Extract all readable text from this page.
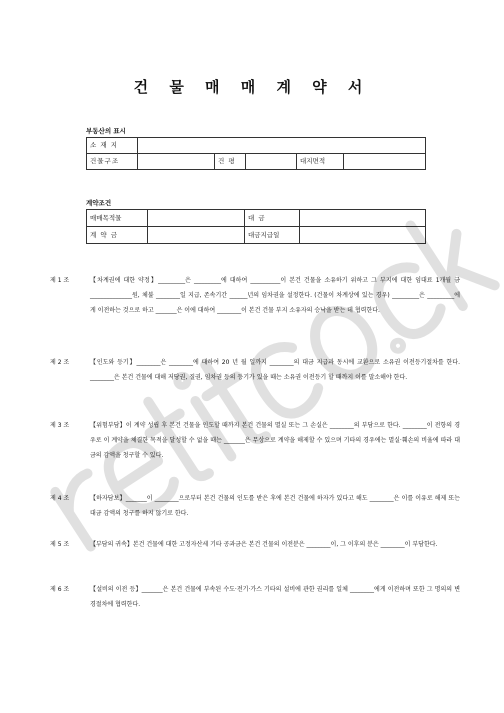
건 물 매 매 계 약 서
부동산의 표시
소 재 지					
건물구조		건 평		대지면적	
계약조건
매매목적물		대 금	
계 약 금		대금지급일	
제 1 조	【차계권에 대한 약정】_________은 _________에 대하여 __________이 본건 건물을 소유하기 위하고 그 부지에 대한 임대료 1개월 금 ______________원, 체불 ________일 지급, 존속기간 ______년의 임차권을 설정한다. (건물이 차계상에 있는 경우) _________은 _________에게 이전하는 것으로 하고 _______은 이에 대하여 ________이 본건 건물 부지 소유자의 승낙을 받는 데 협력한다.
제 2 조	【인도와 등기】________은 ________에 대하여 20 년 월 일까지 ________의 대금 지급과 동시에 교환으로 소유권 이전등기절차를 한다. ________은 본건 건물에 대해 저당권, 질권, 임차권 등의 등기가 있을 때는 소유권 이전등기 할 때까지 이를 말소해야 한다.
제 3 조	【위험부담】이 계약 성립 후 본건 건물을 인도할 때까지 본건 건물의 멸실 또는 그 손실은 ________의 부담으로 한다. ________이 전항의 경우로 이 계약을 체결한 목적을 달성할 수 없을 때는 _______은 무상으로 계약을 해제할 수 있으며 기타의 경우에는 멸실·훼손의 비율에 따라 대금의 감액을 청구할 수 있다.
제 4 조	【하자담보】_______이 ________으로부터 본건 건물의 인도를 받은 후에 본건 건물에 하자가 있다고 해도 ________은 이를 이유로 해제 또는 대금 감액의 청구를 하지 않기로 한다.
제 5 조	【부담의 귀속】본건 건물에 대한 고정자산세 기타 공과금은 본건 건물의 이전분은 ________이, 그 이후의 분은 ________이 부담한다.
제 6 조	【설비의 이전 등】_______은 본건 건물에 부속된 수도·전기·가스 기타의 설비에 관한 권리를 일체 ________에게 이전하며 또한 그 명의의 변경절차에 협력한다.
